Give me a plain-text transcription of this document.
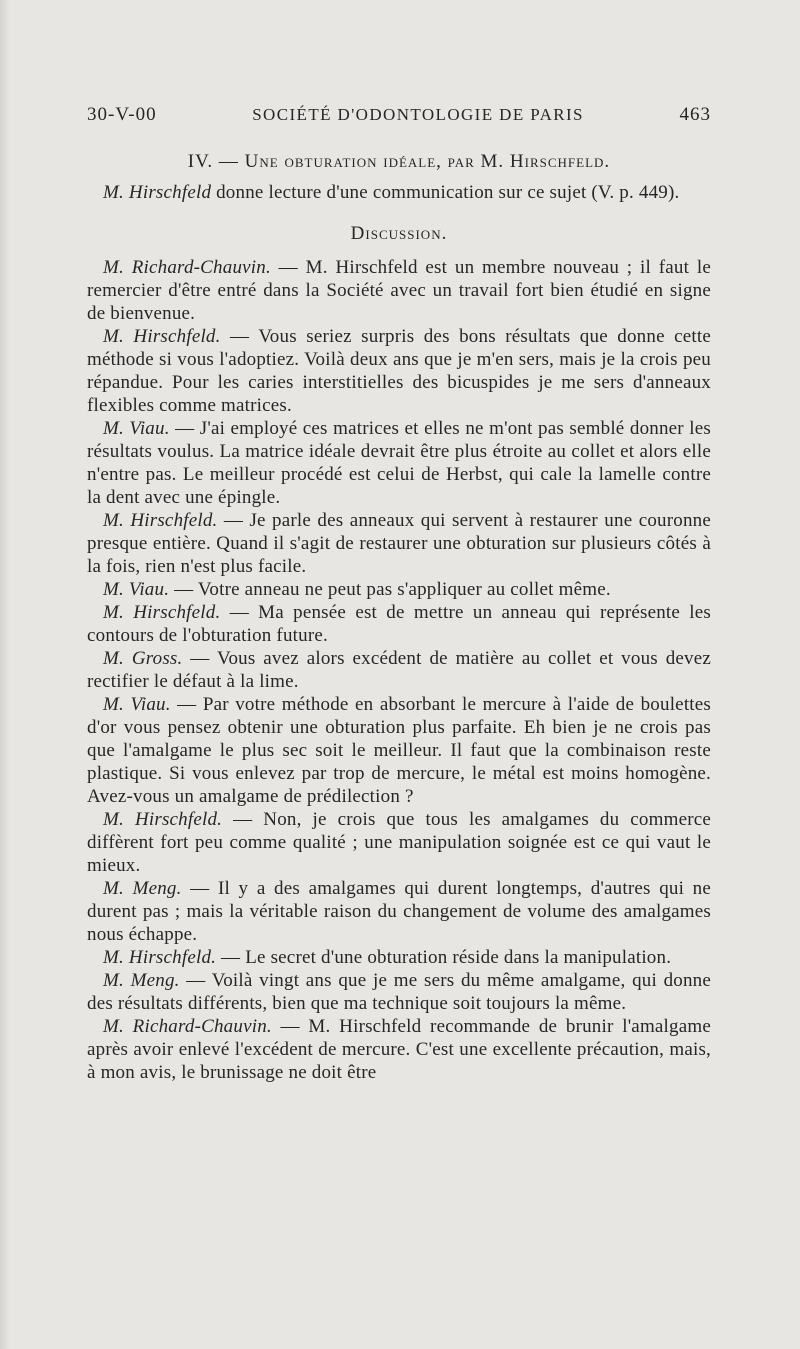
30-V-00	SOCIÉTÉ D'ODONTOLOGIE DE PARIS	463
IV. — Une obturation idéale, par M. Hirschfeld.

M. Hirschfeld donne lecture d'une communication sur ce sujet (V. p. 449).

Discussion.

M. Richard-Chauvin. — M. Hirschfeld est un membre nouveau ; il faut le remercier d'être entré dans la Société avec un travail fort bien étudié en signe de bienvenue.

M. Hirschfeld. — Vous seriez surpris des bons résultats que donne cette méthode si vous l'adoptiez. Voilà deux ans que je m'en sers, mais je la crois peu répandue. Pour les caries interstitielles des bicuspides je me sers d'anneaux flexibles comme matrices.

M. Viau. — J'ai employé ces matrices et elles ne m'ont pas semblé donner les résultats voulus. La matrice idéale devrait être plus étroite au collet et alors elle n'entre pas. Le meilleur procédé est celui de Herbst, qui cale la lamelle contre la dent avec une épingle.

M. Hirschfeld. — Je parle des anneaux qui servent à restaurer une couronne presque entière. Quand il s'agit de restaurer une obturation sur plusieurs côtés à la fois, rien n'est plus facile.

M. Viau. — Votre anneau ne peut pas s'appliquer au collet même.

M. Hirschfeld. — Ma pensée est de mettre un anneau qui représente les contours de l'obturation future.

M. Gross. — Vous avez alors excédent de matière au collet et vous devez rectifier le défaut à la lime.

M. Viau. — Par votre méthode en absorbant le mercure à l'aide de boulettes d'or vous pensez obtenir une obturation plus parfaite. Eh bien je ne crois pas que l'amalgame le plus sec soit le meilleur. Il faut que la combinaison reste plastique. Si vous enlevez par trop de mercure, le métal est moins homogène. Avez-vous un amalgame de prédilection ?

M. Hirschfeld. — Non, je crois que tous les amalgames du commerce diffèrent fort peu comme qualité ; une manipulation soignée est ce qui vaut le mieux.

M. Meng. — Il y a des amalgames qui durent longtemps, d'autres qui ne durent pas ; mais la véritable raison du changement de volume des amalgames nous échappe.

M. Hirschfeld. — Le secret d'une obturation réside dans la manipulation.

M. Meng. — Voilà vingt ans que je me sers du même amalgame, qui donne des résultats différents, bien que ma technique soit toujours la même.

M. Richard-Chauvin. — M. Hirschfeld recommande de brunir l'amalgame après avoir enlevé l'excédent de mercure. C'est une excellente précaution, mais, à mon avis, le brunissage ne doit être
